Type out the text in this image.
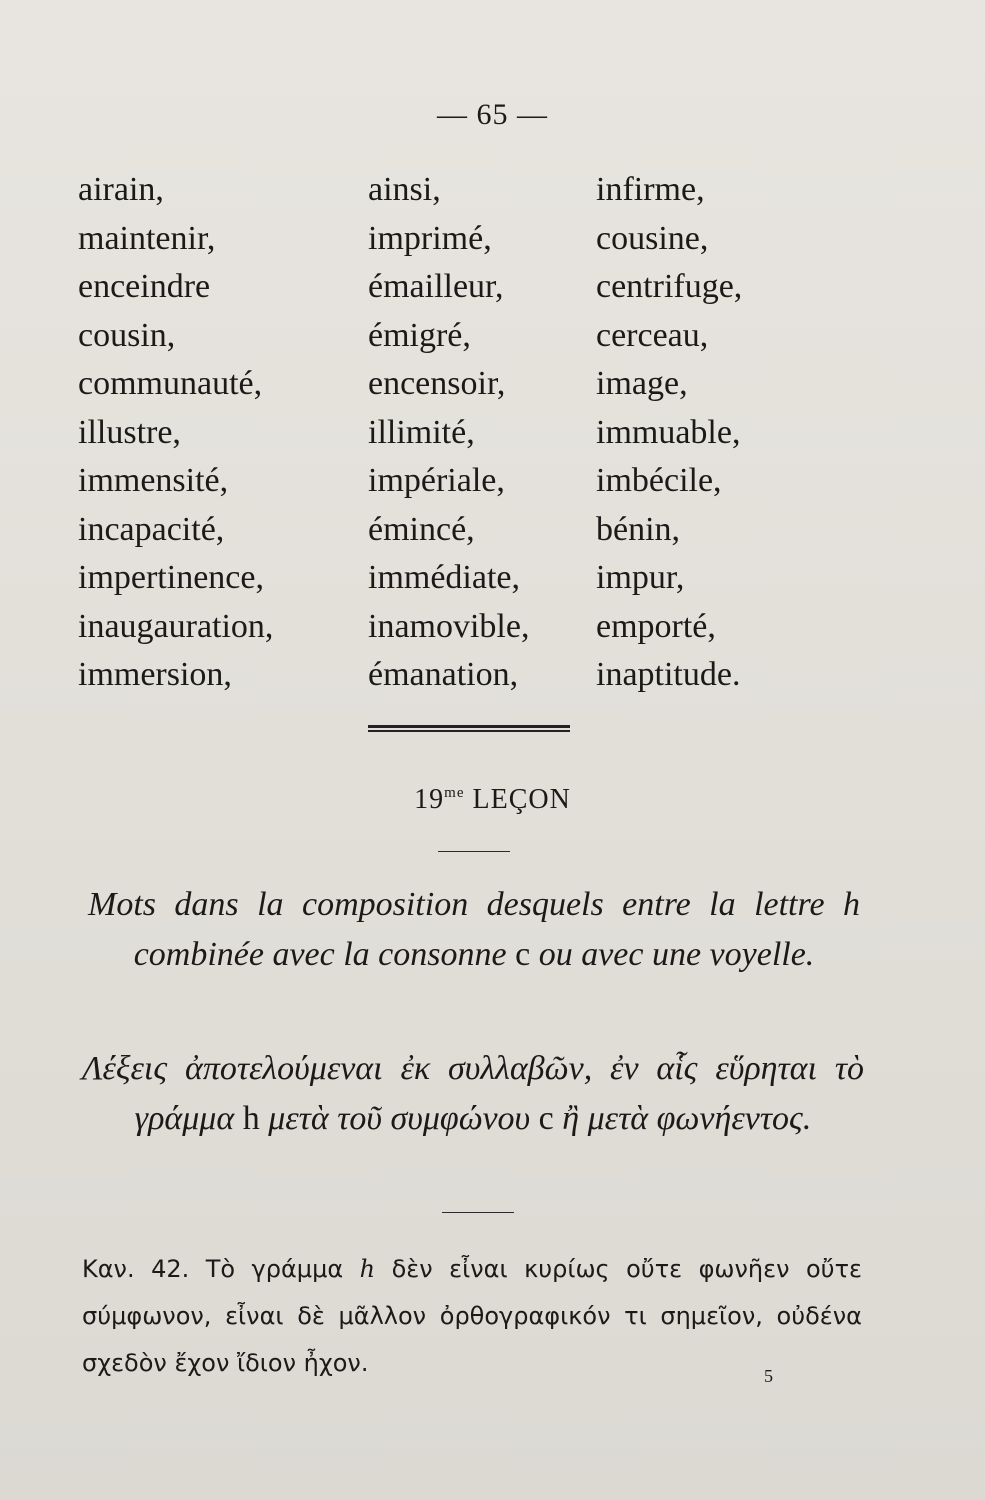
— 65 —
airain,
maintenir,
enceindre
cousin,
communauté,
illustre,
immensité,
incapacité,
impertinence,
inaugauration,
immersion,
ainsi,
imprimé,
émailleur,
émigré,
encensoir,
illimité,
impériale,
émincé,
immédiate,
inamovible,
émanation,
infirme,
cousine,
centrifuge,
cerceau,
image,
immuable,
imbécile,
bénin,
impur,
emporté,
inaptitude.
$19^{me}$ LEÇON
Mots dans la composition desquels entre la lettre h combinée avec la consonne c ou avec une voyelle.
Λέξεις ἀποτελούμεναι ἐκ συλλαβῶν, ἐν αἷς εὕρηται τὸ γράμμα h μετὰ τοῦ συμφώνου c ἢ μετὰ φωνήεντος.
Καν. 42. Τὸ γράμμα h δὲν εἶναι κυρίως οὔτε φωνῆεν οὔτε σύμφωνον, εἶναι δὲ μᾶλλον ὀρθογραφικόν τι σημεῖον, οὐδένα σχεδὸν ἔχον ἴδιον ἦχον.	5
